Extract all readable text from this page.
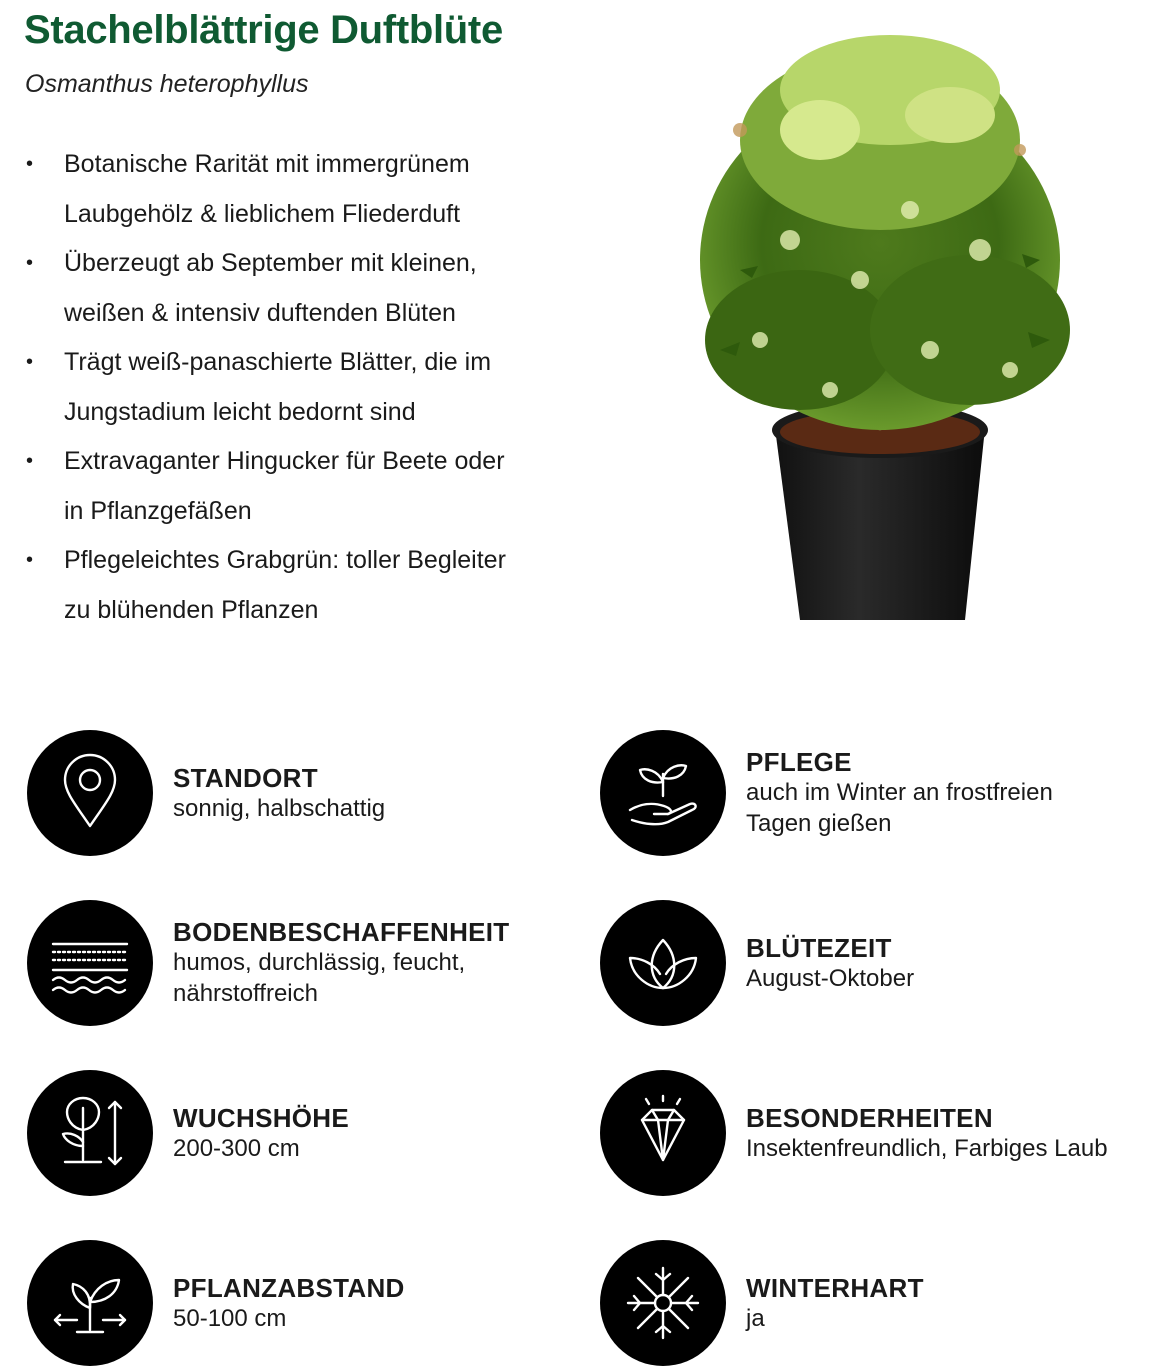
Stachelblättrige Duftblüte
Osmanthus heterophyllus
• Botanische Rarität mit immergrünem
Laubgehölz & lieblichem Fliederduft
• Überzeugt ab September mit kleinen,
weißen & intensiv duftenden Blüten
• Trägt weiß-panaschierte Blätter, die im
Jungstadium leicht bedornt sind
• Extravaganter Hingucker für Beete oder
in Pflanzgefäßen
• Pflegeleichtes Grabgrün: toller Begleiter
zu blühenden Pflanzen
STANDORT
sonnig, halbschattig
PFLEGE
auch im Winter an frostfreien
Tagen gießen
BODENBESCHAFFENHEIT
humos, durchlässig, feucht,
nährstoffreich
BLÜTEZEIT
August-Oktober
WUCHSHÖHE
200-300 cm
BESONDERHEITEN
Insektenfreundlich, Farbiges Laub
PFLANZABSTAND
50-100 cm
WINTERHART
ja
